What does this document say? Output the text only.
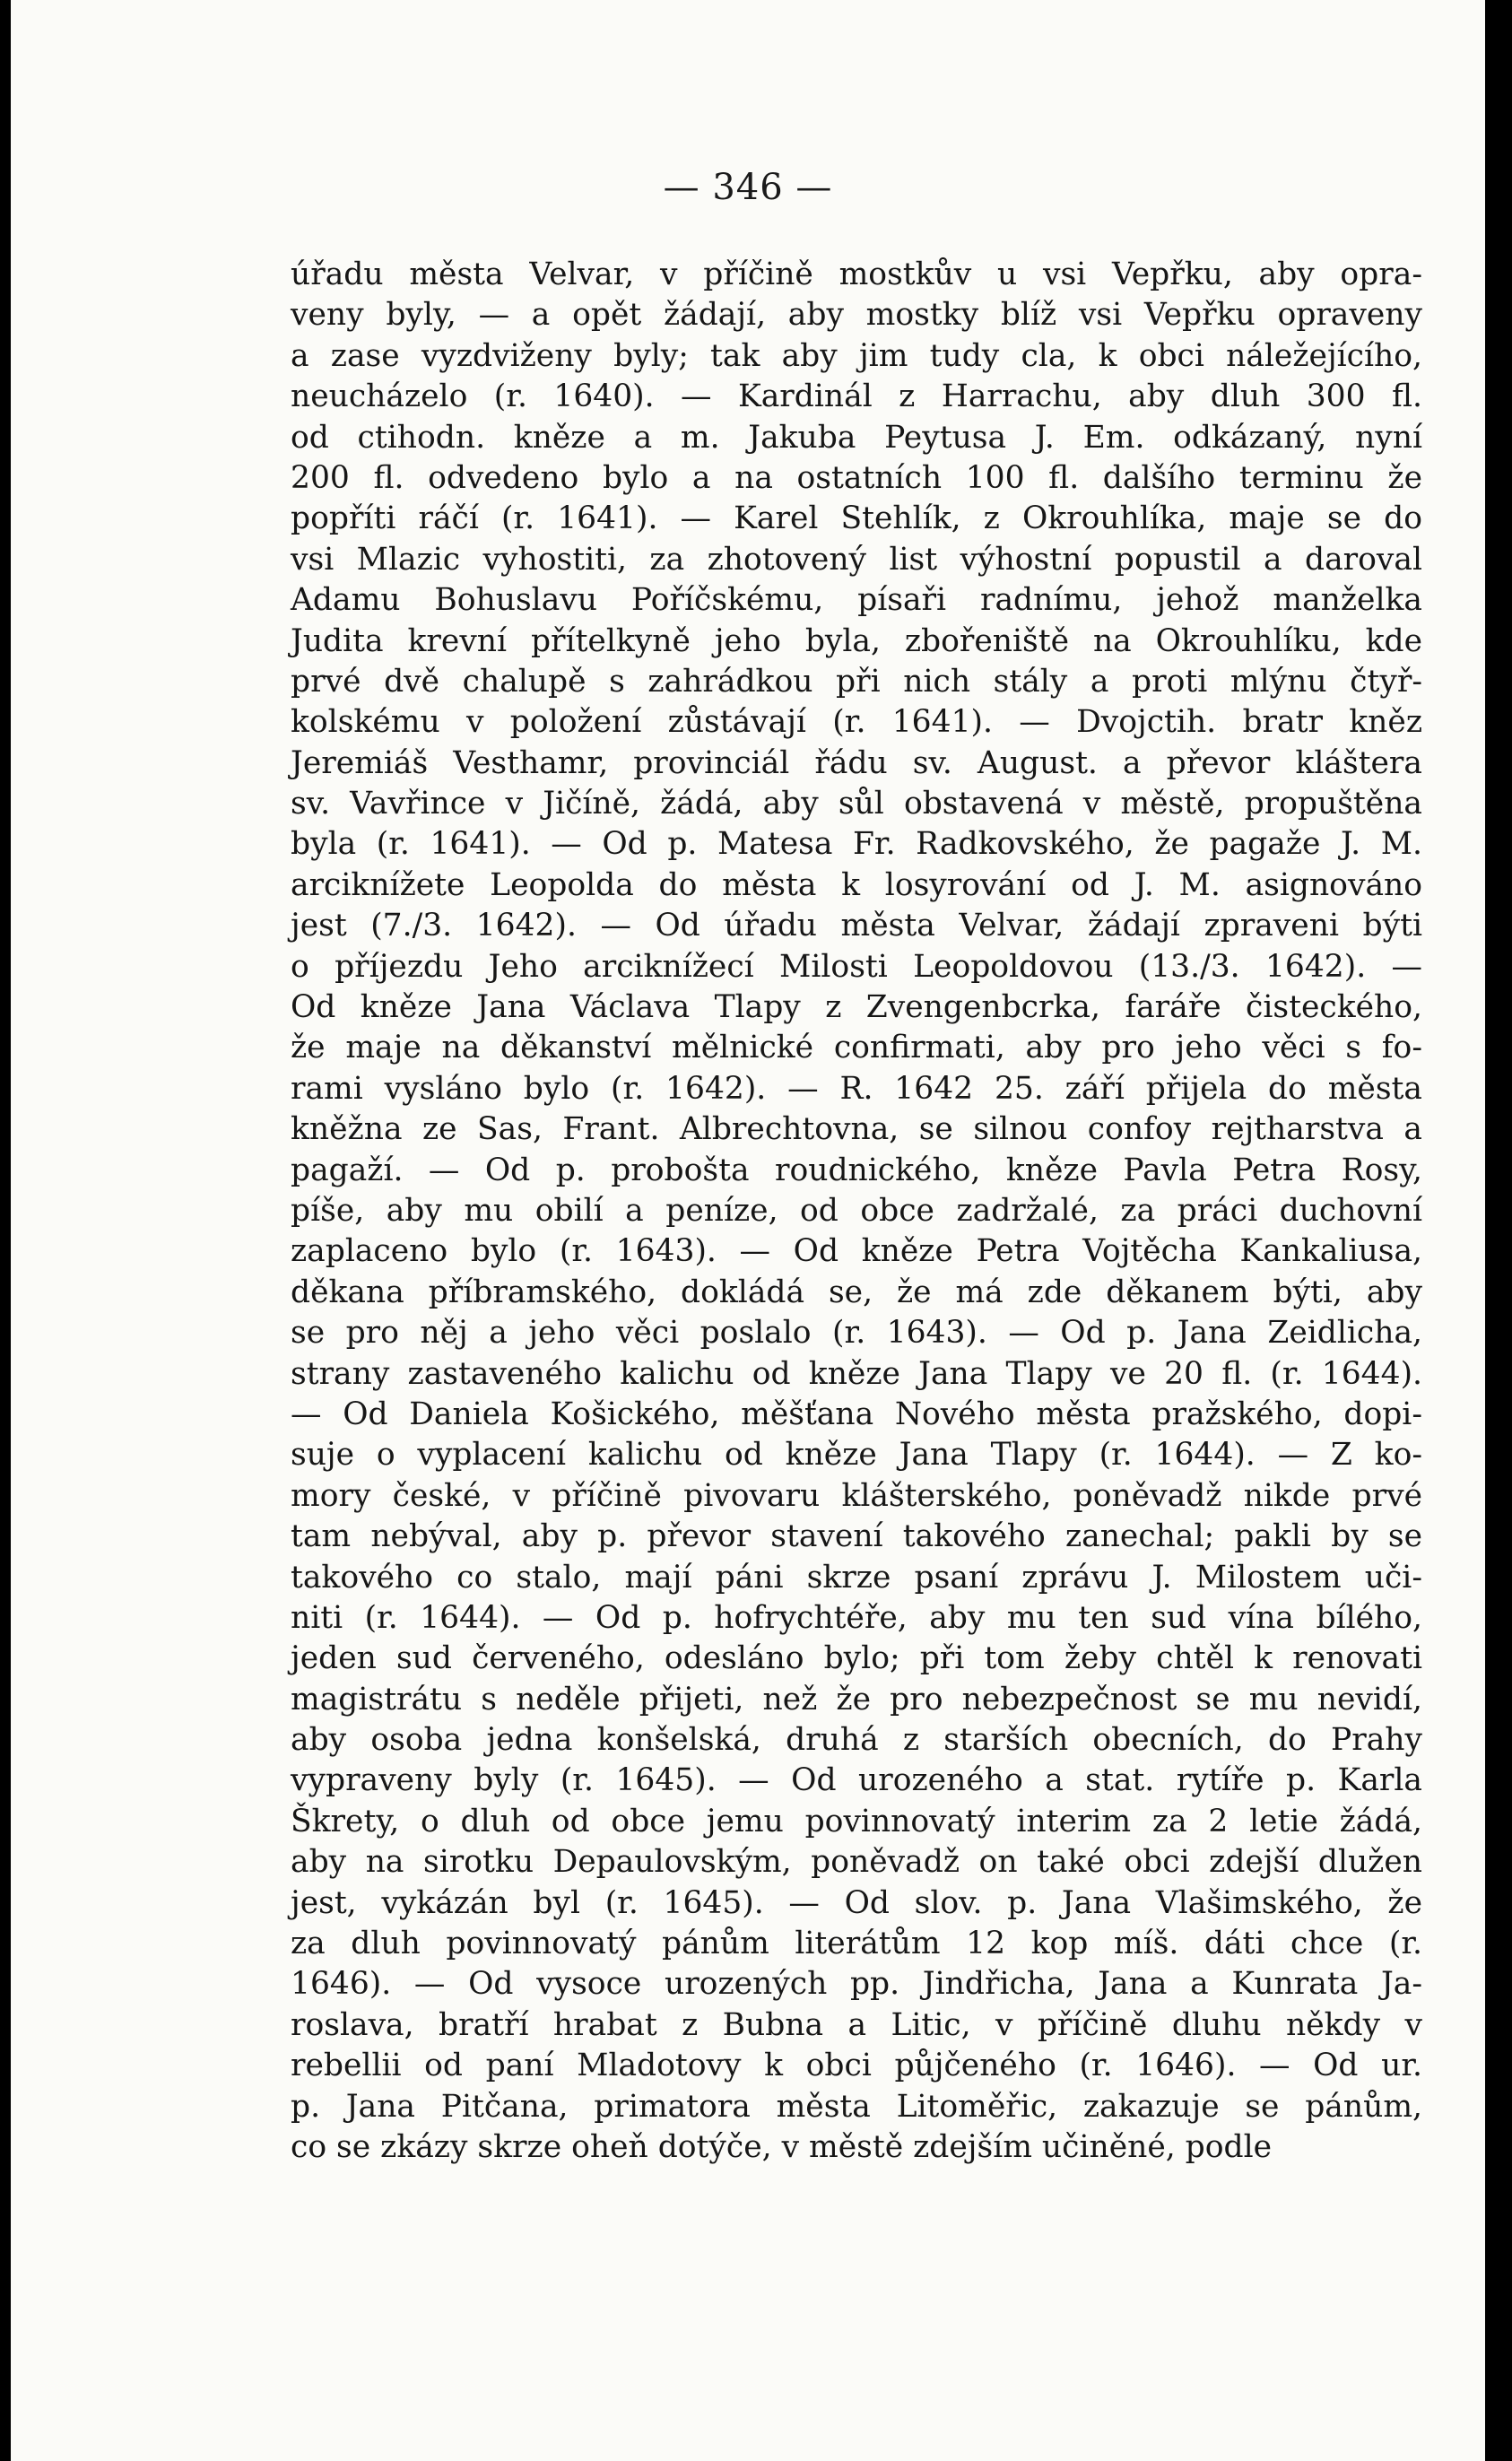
— 346 —
úřadu města Velvar, v příčině mostkův u vsi Vepřku, aby opra-
veny byly, — a opět žádají, aby mostky blíž vsi Vepřku opraveny
a zase vyzdviženy byly; tak aby jim tudy cla, k obci náležejícího,
neucházelo (r. 1640). — Kardinál z Harrachu, aby dluh 300 fl.
od ctihodn. kněze a m. Jakuba Peytusa J. Em. odkázaný, nyní
200 fl. odvedeno bylo a na ostatních 100 fl. dalšího terminu že
popříti ráčí (r. 1641). — Karel Stehlík, z Okrouhlíka, maje se do
vsi Mlazic vyhostiti, za zhotovený list výhostní popustil a daroval
Adamu Bohuslavu Poříčskému, písaři radnímu, jehož manželka
Judita krevní přítelkyně jeho byla, zbořeniště na Okrouhlíku, kde
prvé dvě chalupě s zahrádkou při nich stály a proti mlýnu čtyř-
kolskému v položení zůstávají (r. 1641). — Dvojctih. bratr kněz
Jeremiáš Vesthamr, provinciál řádu sv. August. a převor kláštera
sv. Vavřince v Jičíně, žádá, aby sůl obstavená v městě, propuštěna
byla (r. 1641). — Od p. Matesa Fr. Radkovského, že pagaže J. M.
arciknížete Leopolda do města k losyrování od J. M. asignováno
jest (7./3. 1642). — Od úřadu města Velvar, žádají zpraveni býti
o příjezdu Jeho arciknížecí Milosti Leopoldovou (13./3. 1642). —
Od kněze Jana Václava Tlapy z Zvengenbcrka, faráře čisteckého,
že maje na děkanství mělnické confirmati, aby pro jeho věci s fo-
rami vysláno bylo (r. 1642). — R. 1642 25. září přijela do města
kněžna ze Sas, Frant. Albrechtovna, se silnou confoy rejtharstva a
pagaží. — Od p. probošta roudnického, kněze Pavla Petra Rosy,
píše, aby mu obilí a peníze, od obce zadržalé, za práci duchovní
zaplaceno bylo (r. 1643). — Od kněze Petra Vojtěcha Kankaliusa,
děkana příbramského, dokládá se, že má zde děkanem býti, aby
se pro něj a jeho věci poslalo (r. 1643). — Od p. Jana Zeidlicha,
strany zastaveného kalichu od kněze Jana Tlapy ve 20 fl. (r. 1644).
— Od Daniela Košického, měšťana Nového města pražského, dopi-
suje o vyplacení kalichu od kněze Jana Tlapy (r. 1644). — Z ko-
mory české, v příčině pivovaru klášterského, poněvadž nikde prvé
tam nebýval, aby p. převor stavení takového zanechal; pakli by se
takového co stalo, mají páni skrze psaní zprávu J. Milostem uči-
niti (r. 1644). — Od p. hofrychtéře, aby mu ten sud vína bílého,
jeden sud červeného, odesláno bylo; při tom žeby chtěl k renovati
magistrátu s neděle přijeti, než že pro nebezpečnost se mu nevidí,
aby osoba jedna konšelská, druhá z starších obecních, do Prahy
vypraveny byly (r. 1645). — Od urozeného a stat. rytíře p. Karla
Škrety, o dluh od obce jemu povinnovatý interim za 2 letie žádá,
aby na sirotku Depaulovským, poněvadž on také obci zdejší dlužen
jest, vykázán byl (r. 1645). — Od slov. p. Jana Vlašimského, že
za dluh povinnovatý pánům literátům 12 kop míš. dáti chce (r.
1646). — Od vysoce urozených pp. Jindřicha, Jana a Kunrata Ja-
roslava, bratří hrabat z Bubna a Litic, v příčině dluhu někdy v
rebellii od paní Mladotovy k obci půjčeného (r. 1646). — Od ur.
p. Jana Pitčana, primatora města Litoměřic, zakazuje se pánům,
co se zkázy skrze oheň dotýče, v městě zdejším učiněné, podle
